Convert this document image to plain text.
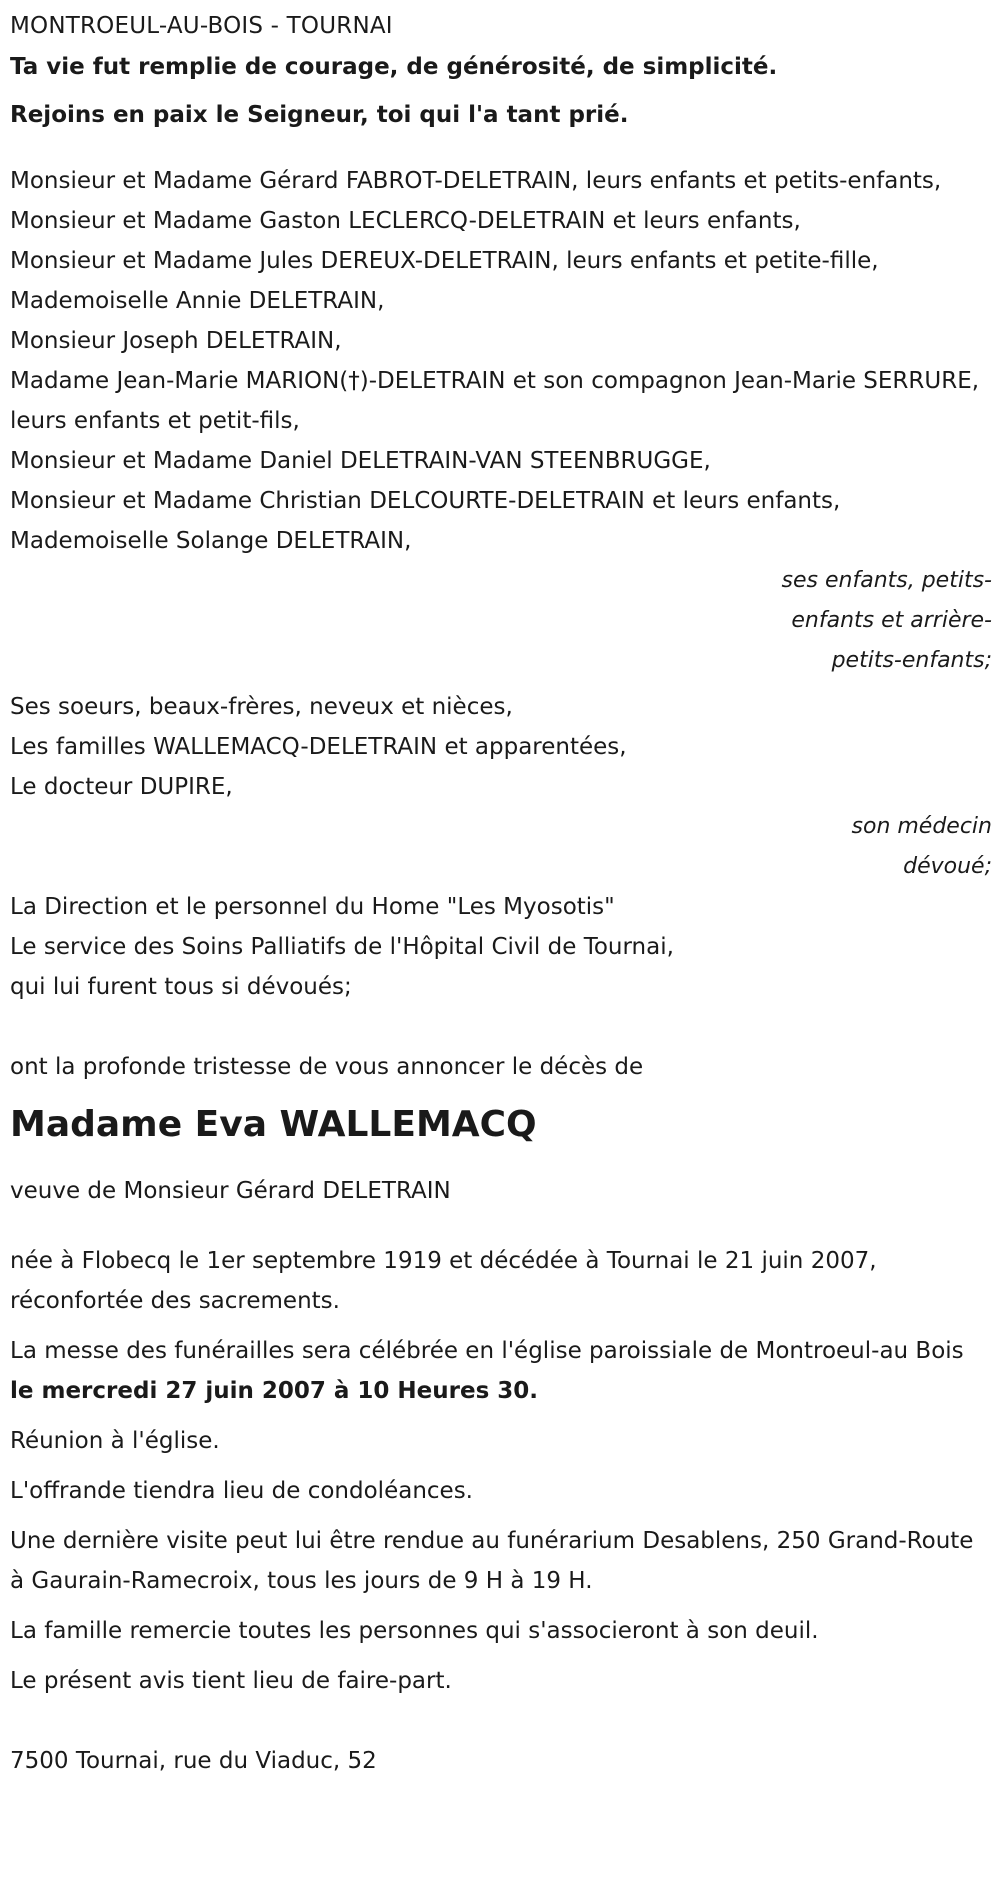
MONTROEUL-AU-BOIS - TOURNAI

Ta vie fut remplie de courage, de générosité, de simplicité.

Rejoins en paix le Seigneur, toi qui l'a tant prié.

Monsieur et Madame Gérard FABROT-DELETRAIN, leurs enfants et petits-enfants,
Monsieur et Madame Gaston LECLERCQ-DELETRAIN et leurs enfants,
Monsieur et Madame Jules DEREUX-DELETRAIN, leurs enfants et petite-fille,
Mademoiselle Annie DELETRAIN,
Monsieur Joseph DELETRAIN,
Madame Jean-Marie MARION(†)-DELETRAIN et son compagnon Jean-Marie SERRURE, leurs enfants et petit-fils,
Monsieur et Madame Daniel DELETRAIN-VAN STEENBRUGGE,
Monsieur et Madame Christian DELCOURTE-DELETRAIN et leurs enfants,
Mademoiselle Solange DELETRAIN,
ses enfants, petits-enfants et arrière-petits-enfants;
Ses soeurs, beaux-frères, neveux et nièces,
Les familles WALLEMACQ-DELETRAIN et apparentées,
Le docteur DUPIRE,
son médecin dévoué;
La Direction et le personnel du Home "Les Myosotis"
Le service des Soins Palliatifs de l'Hôpital Civil de Tournai,
qui lui furent tous si dévoués;

ont la profonde tristesse de vous annoncer le décès de

Madame Eva WALLEMACQ

veuve de Monsieur Gérard DELETRAIN

née à Flobecq le 1er septembre 1919 et décédée à Tournai le 21 juin 2007, réconfortée des sacrements.

La messe des funérailles sera célébrée en l'église paroissiale de Montroeul-au Bois le mercredi 27 juin 2007 à 10 Heures 30.

Réunion à l'église.

L'offrande tiendra lieu de condoléances.

Une dernière visite peut lui être rendue au funérarium Desablens, 250 Grand-Route à Gaurain-Ramecroix, tous les jours de 9 H à 19 H.

La famille remercie toutes les personnes qui s'associeront à son deuil.

Le présent avis tient lieu de faire-part.

7500 Tournai, rue du Viaduc, 52
